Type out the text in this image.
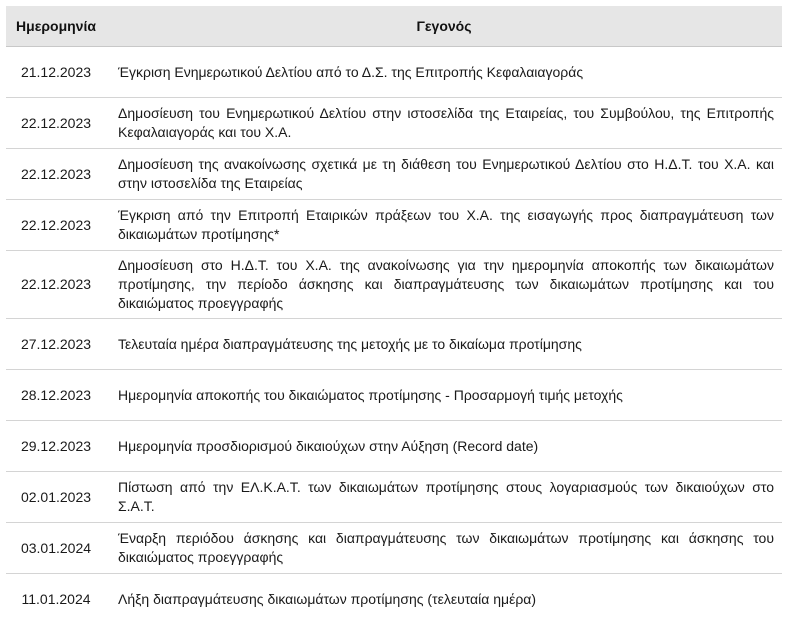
Ημερομηνία	Γεγονός
21.12.2023	Έγκριση Ενημερωτικού Δελτίου από το Δ.Σ. της Επιτροπής Κεφαλαιαγοράς
22.12.2023	Δημοσίευση του Ενημερωτικού Δελτίου στην ιστοσελίδα της Εταιρείας, του Συμβούλου, της Επιτροπής Κεφαλαιαγοράς και του Χ.Α.
22.12.2023	Δημοσίευση της ανακοίνωσης σχετικά με τη διάθεση του Ενημερωτικού Δελτίου στο Η.Δ.Τ. του Χ.Α. και στην ιστοσελίδα της Εταιρείας
22.12.2023	Έγκριση από την Επιτροπή Εταιρικών πράξεων του Χ.Α. της εισαγωγής προς διαπραγμάτευση των δικαιωμάτων προτίμησης*
22.12.2023	Δημοσίευση στο Η.Δ.Τ. του Χ.Α. της ανακοίνωσης για την ημερομηνία αποκοπής των δικαιωμάτων προτίμησης, την περίοδο άσκησης και διαπραγμάτευσης των δικαιωμάτων προτίμησης και του δικαιώματος προεγγραφής
27.12.2023	Τελευταία ημέρα διαπραγμάτευσης της μετοχής με το δικαίωμα προτίμησης
28.12.2023	Ημερομηνία αποκοπής του δικαιώματος προτίμησης - Προσαρμογή τιμής μετοχής
29.12.2023	Ημερομηνία προσδιορισμού δικαιούχων στην Αύξηση (Record date)
02.01.2023	Πίστωση από την ΕΛ.Κ.Α.Τ. των δικαιωμάτων προτίμησης στους λογαριασμούς των δικαιούχων στο Σ.Α.Τ.
03.01.2024	Έναρξη περιόδου άσκησης και διαπραγμάτευσης των δικαιωμάτων προτίμησης και άσκησης του δικαιώματος προεγγραφής
11.01.2024	Λήξη διαπραγμάτευσης δικαιωμάτων προτίμησης (τελευταία ημέρα)
